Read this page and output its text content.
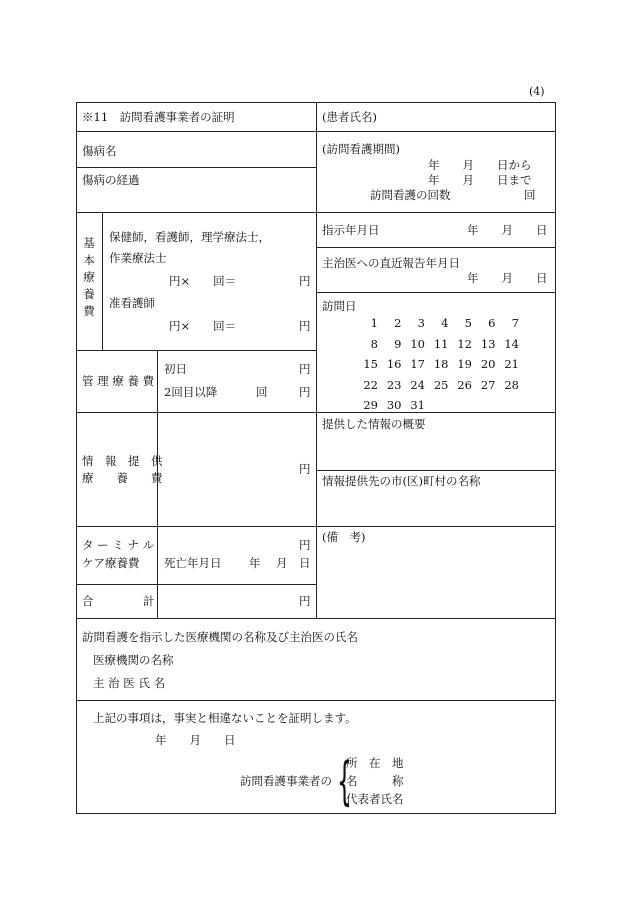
(4)
※11　訪問看護事業者の証明	(患者氏名)
傷病名
傷病の経過
(訪問看護期間)
年　　月　　日から
年　　月　　日まで
訪問看護の回数	回
基
本
療
養
費
保健師，看護師，理学療法士，
作業療法士
円×　　回＝	円
准看護師
円×　　回＝	円
指示年月日	年　　月　　日
主治医への直近報告年月日
年　　月　　日
訪問日
1	2	3	4	5	6	7
8	9 10 11 12 13 14
15 16 17 18 19 20 21
22 23 24 25 26 27 28
29 30 31
管 理 療 養 費
初日	円
2回目以降	回	円
情　報　提　供
療　　養　　費
円
提供した情報の概要
情報提供先の市(区)町村の名称
タ ー ミ ナ ル
ケア療養費
円
死亡年月日 年 月 日
(備　考)
合	計	円
訪問看護を指示した医療機関の名称及び主治医の氏名
医療機関の名称
主 治 医 氏 名
上記の事項は，事実と相違ないことを証明します。
年　　月　　日
訪問看護事業者の {
所　在　地
名　　　称
代表者氏名
